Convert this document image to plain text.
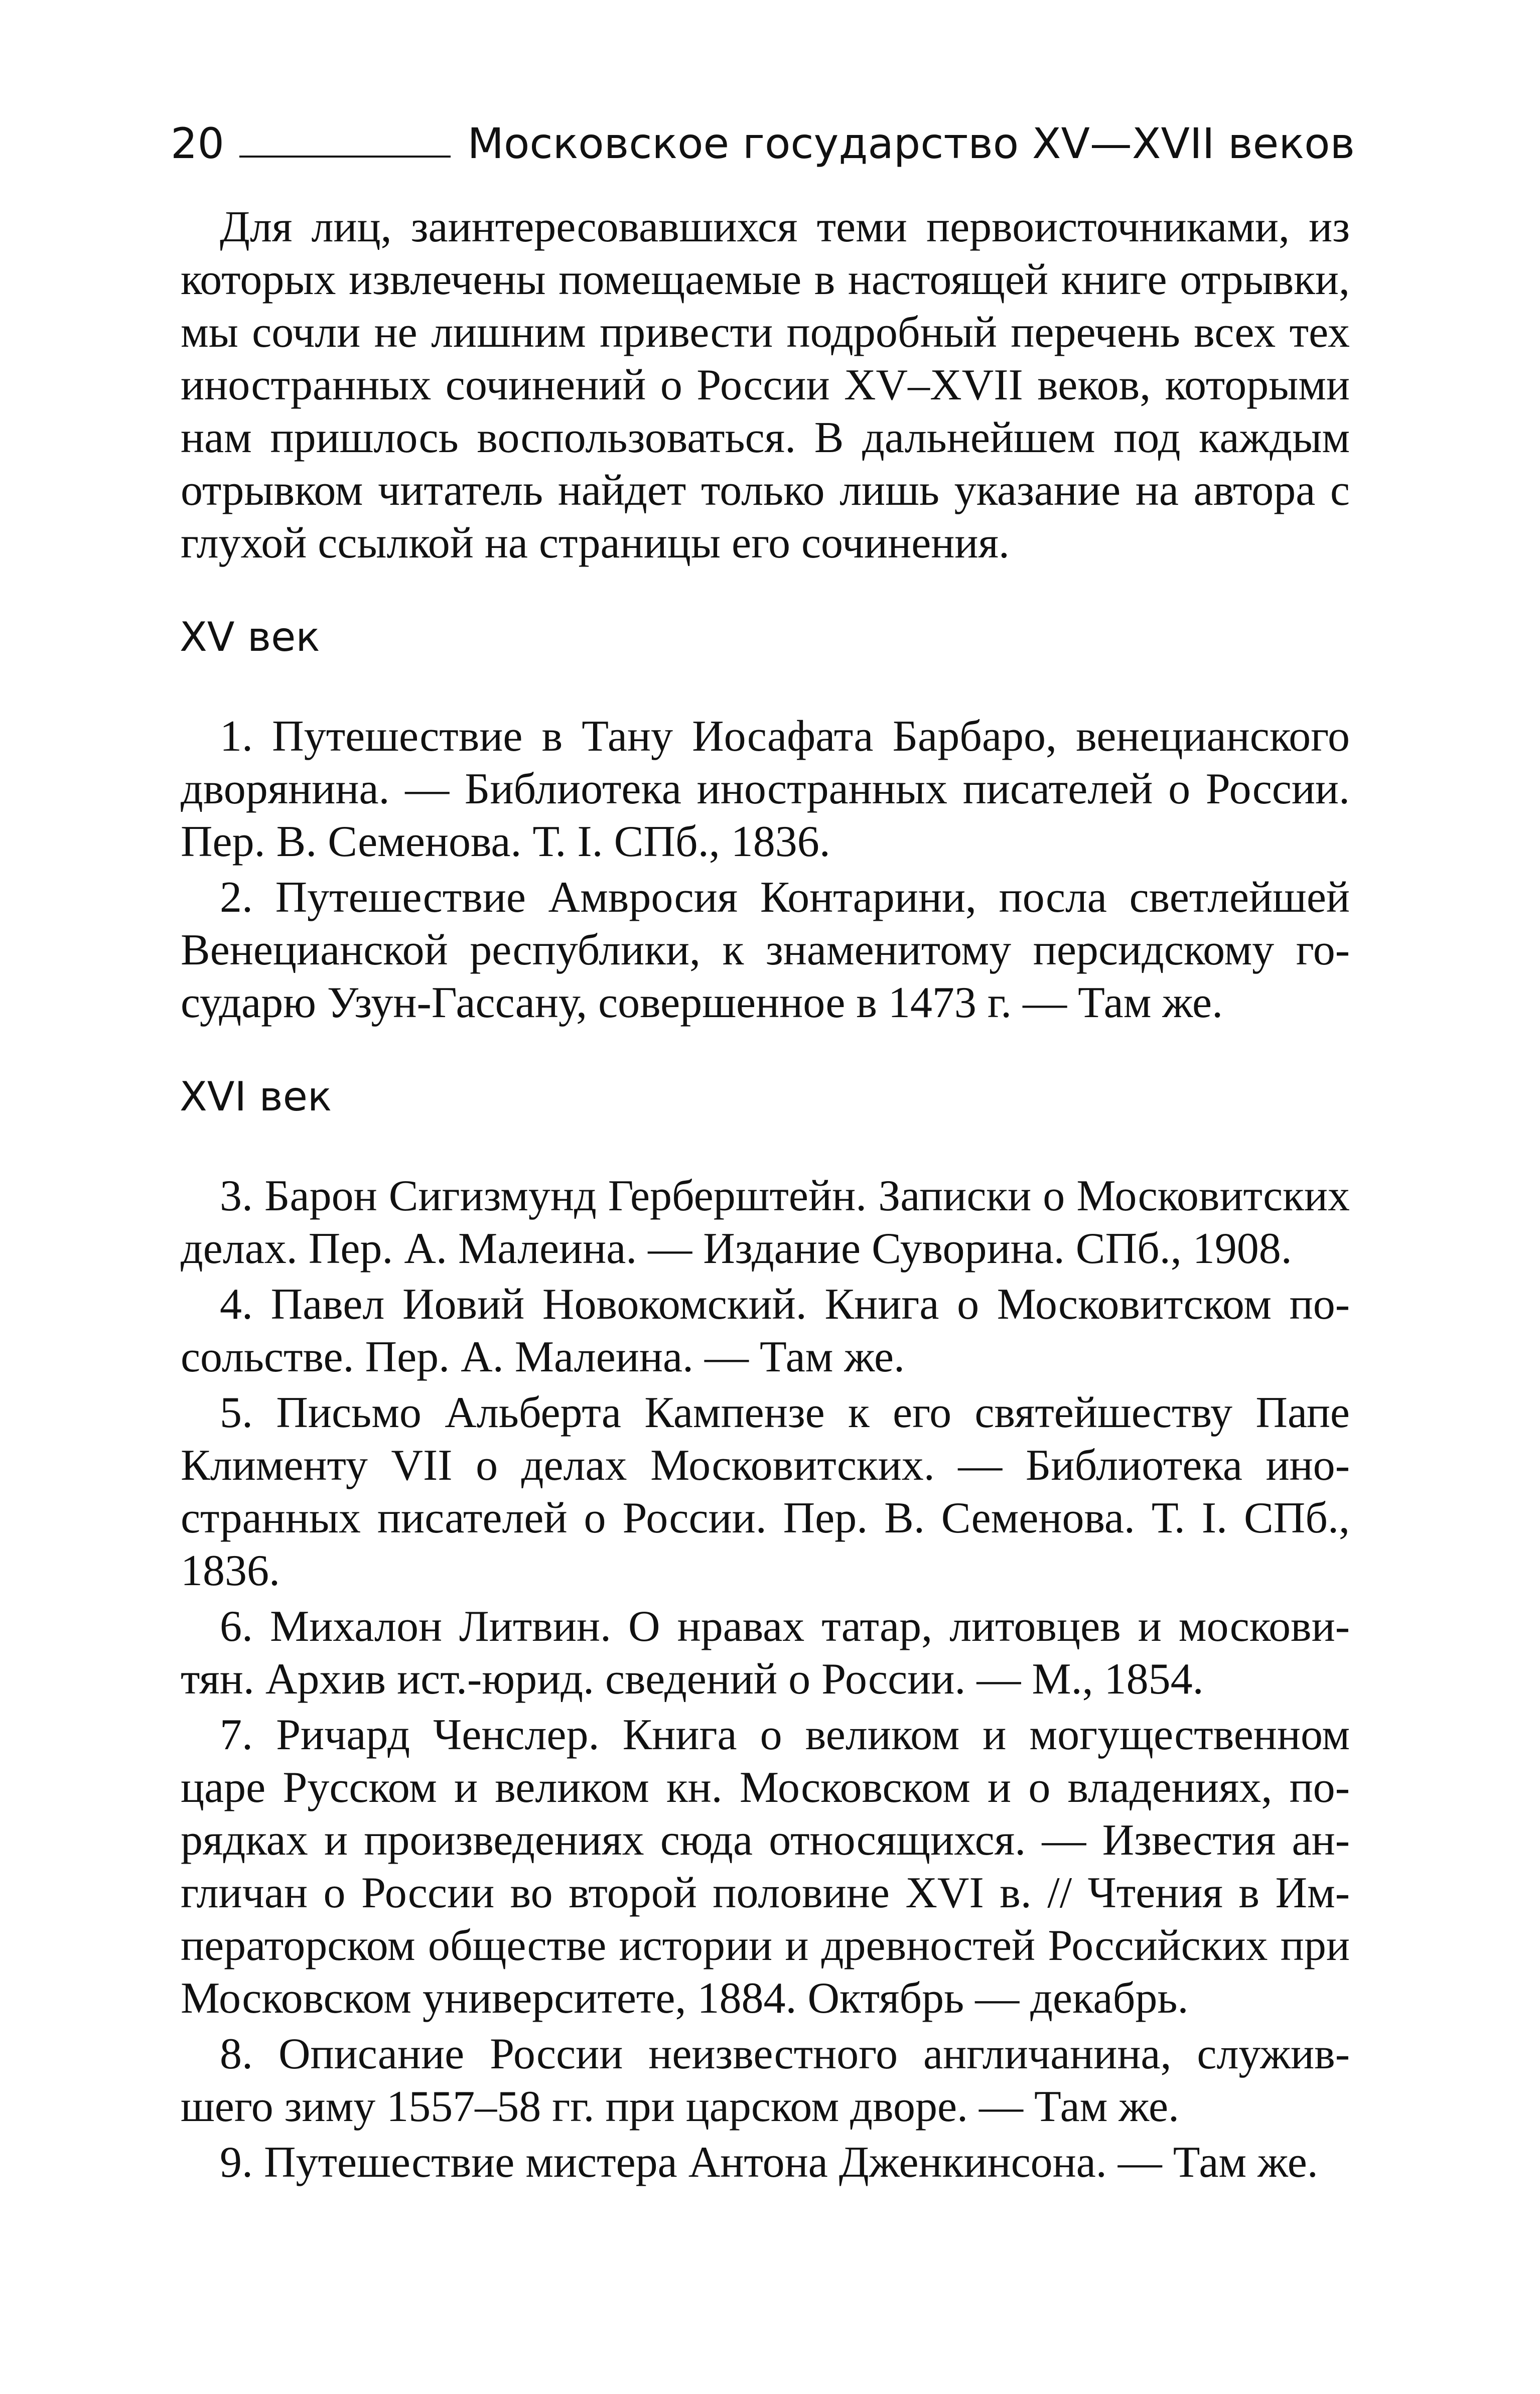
20	Московское государство XV—XVII веков

Для лиц, заинтересовавшихся теми первоисточниками, из которых извлечены помещаемые в настоящей книге отрывки, мы сочли не лишним привести подробный перечень всех тех иностранных сочинений о России XV–XVII веков, которыми нам пришлось воспользоваться. В дальнейшем под каждым отрывком читатель найдет только лишь указание на автора с глухой ссылкой на страницы его сочинения.

XV век

1. Путешествие в Тану Иосафата Барбаро, венецианского дворянина. — Библиотека иностранных писателей о России. Пер. В. Семенова. Т. I. СПб., 1836.

2. Путешествие Амвросия Контарини, посла светлейшей Венецианской республики, к знаменитому персидскому государю Узун-Гассану, совершенное в 1473 г. — Там же.

XVI век

3. Барон Сигизмунд Герберштейн. Записки о Московитских делах. Пер. А. Малеина. — Издание Суворина. СПб., 1908.

4. Павел Иовий Новокомский. Книга о Московитском посольстве. Пер. А. Малеина. — Там же.

5. Письмо Альберта Кампензе к его святейшеству Папе Клименту VII о делах Московитских. — Библиотека иностранных писателей о России. Пер. В. Семенова. Т. I. СПб., 1836.

6. Михалон Литвин. О нравах татар, литовцев и московитян. Архив ист.-юрид. сведений о России. — М., 1854.

7. Ричард Ченслер. Книга о великом и могущественном царе Русском и великом кн. Московском и о владениях, порядках и произведениях сюда относящихся. — Известия англичан о России во второй половине XVI в. // Чтения в Императорском обществе истории и древностей Российских при Московском университете, 1884. Октябрь — декабрь.

8. Описание России неизвестного англичанина, служившего зиму 1557–58 гг. при царском дворе. — Там же.

9. Путешествие мистера Антона Дженкинсона. — Там же.
